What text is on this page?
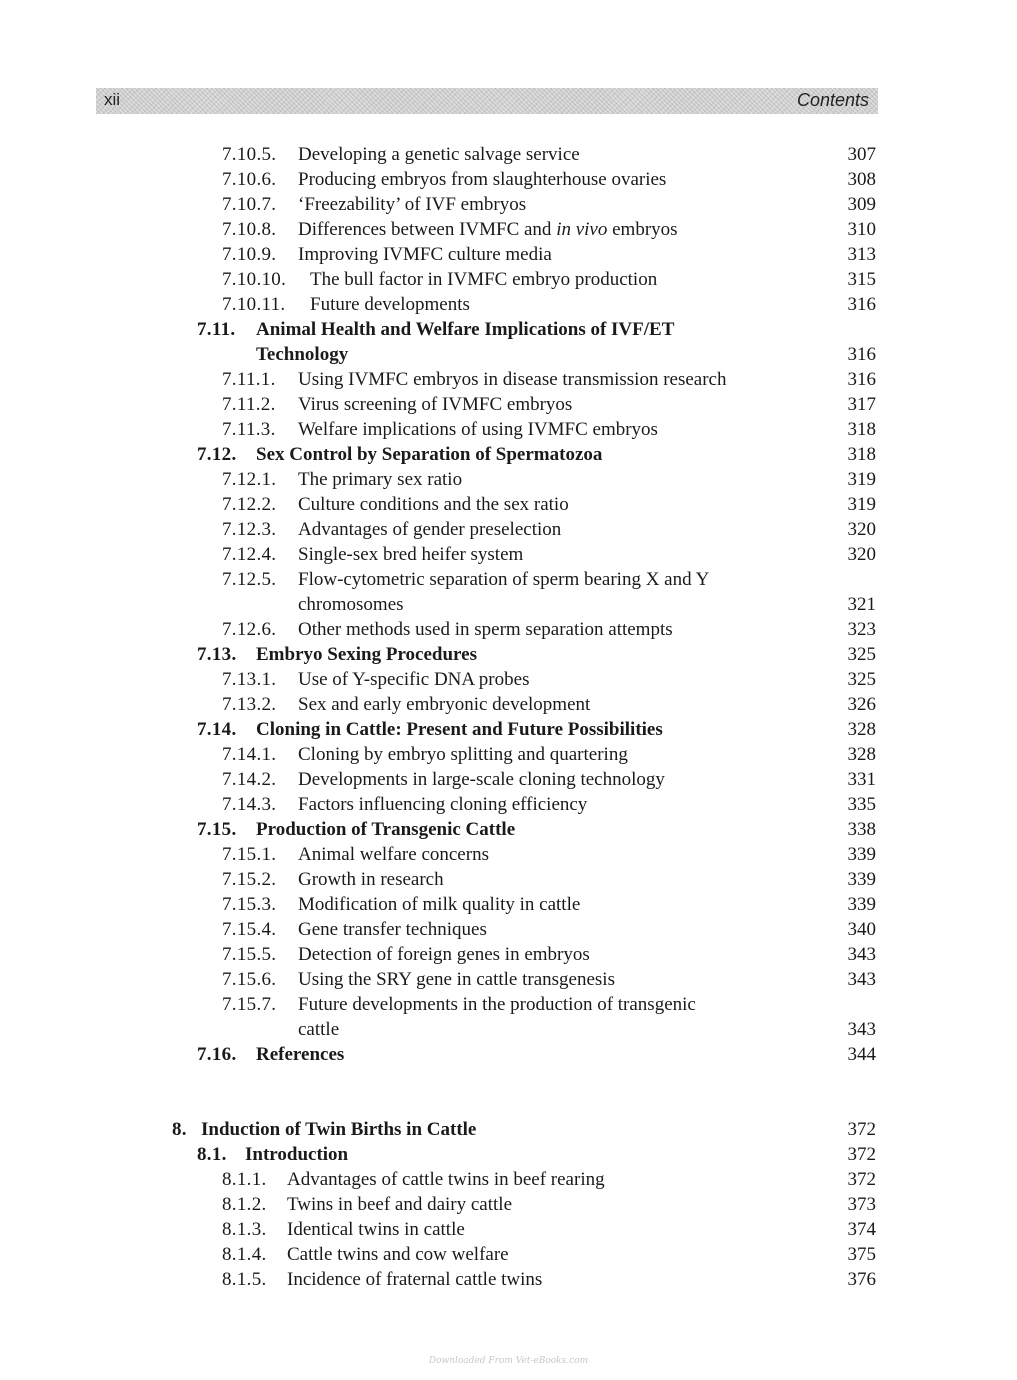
xii	Contents
7.10.5. Developing a genetic salvage service	307
7.10.6. Producing embryos from slaughterhouse ovaries	308
7.10.7. ‘Freezability’ of IVF embryos	309
7.10.8. Differences between IVMFC and in vivo embryos	310
7.10.9. Improving IVMFC culture media	313
7.10.10. The bull factor in IVMFC embryo production	315
7.10.11. Future developments	316
7.11. Animal Health and Welfare Implications of IVF/ET
Technology	316
7.11.1. Using IVMFC embryos in disease transmission research	316
7.11.2. Virus screening of IVMFC embryos	317
7.11.3. Welfare implications of using IVMFC embryos	318
7.12. Sex Control by Separation of Spermatozoa	318
7.12.1. The primary sex ratio	319
7.12.2. Culture conditions and the sex ratio	319
7.12.3. Advantages of gender preselection	320
7.12.4. Single-sex bred heifer system	320
7.12.5. Flow-cytometric separation of sperm bearing X and Y
chromosomes	321
7.12.6. Other methods used in sperm separation attempts	323
7.13. Embryo Sexing Procedures	325
7.13.1. Use of Y-specific DNA probes	325
7.13.2. Sex and early embryonic development	326
7.14. Cloning in Cattle: Present and Future Possibilities	328
7.14.1. Cloning by embryo splitting and quartering	328
7.14.2. Developments in large-scale cloning technology	331
7.14.3. Factors influencing cloning efficiency	335
7.15. Production of Transgenic Cattle	338
7.15.1. Animal welfare concerns	339
7.15.2. Growth in research	339
7.15.3. Modification of milk quality in cattle	339
7.15.4. Gene transfer techniques	340
7.15.5. Detection of foreign genes in embryos	343
7.15.6. Using the SRY gene in cattle transgenesis	343
7.15.7. Future developments in the production of transgenic
cattle	343
7.16. References	344
8. Induction of Twin Births in Cattle	372
8.1. Introduction	372
8.1.1. Advantages of cattle twins in beef rearing	372
8.1.2. Twins in beef and dairy cattle	373
8.1.3. Identical twins in cattle	374
8.1.4. Cattle twins and cow welfare	375
8.1.5. Incidence of fraternal cattle twins	376
Downloaded From Vet-eBooks.com
